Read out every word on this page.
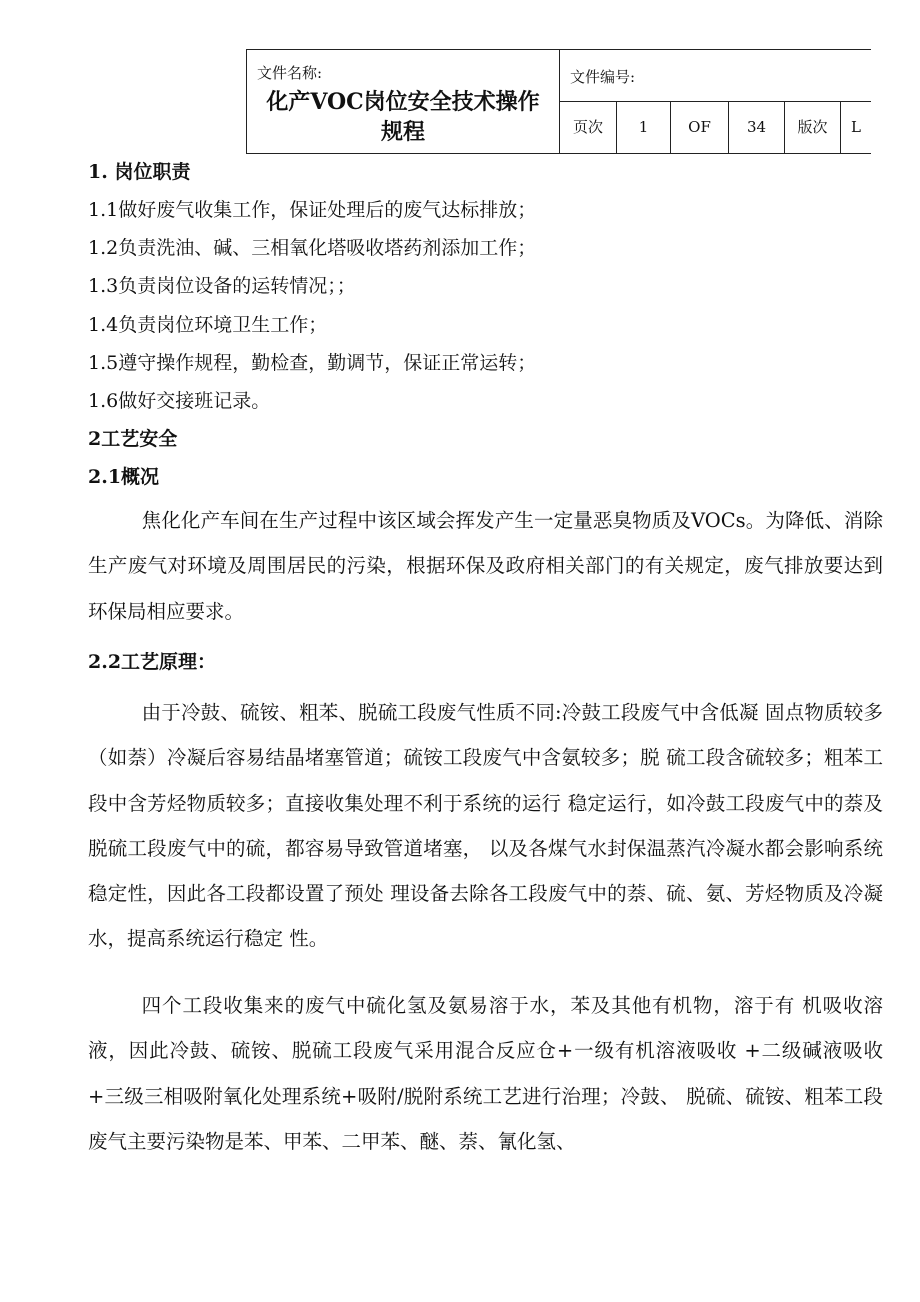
文件名称:
化产VOC岗位安全技术操作
规程
文件编号:
页次	1	OF	34	版次	L
1. 岗位职责
1.1做好废气收集工作，保证处理后的废气达标排放；
1.2负责洗油、碱、三相氧化塔吸收塔药剂添加工作；
1.3负责岗位设备的运转情况；；
1.4负责岗位环境卫生工作；
1.5遵守操作规程，勤检查，勤调节，保证正常运转；
1.6做好交接班记录。
2工艺安全
2.1概况
焦化化产车间在生产过程中该区域会挥发产生一定量恶臭物质及VOCs。为降低、消除生产废气对环境及周围居民的污染，根据环保及政府相关部门的有关规定，废气排放要达到环保局相应要求。
2.2工艺原理：
由于冷鼓、硫铵、粗苯、脱硫工段废气性质不同:冷鼓工段废气中含低凝 固点物质较多（如萘）冷凝后容易结晶堵塞管道；硫铵工段废气中含氨较多；脱 硫工段含硫较多；粗苯工段中含芳烃物质较多；直接收集处理不利于系统的运行 稳定运行，如冷鼓工段废气中的萘及脱硫工段废气中的硫，都容易导致管道堵塞， 以及各煤气水封保温蒸汽冷凝水都会影响系统稳定性，因此各工段都设置了预处 理设备去除各工段废气中的萘、硫、氨、芳烃物质及冷凝水，提高系统运行稳定 性。
四个工段收集来的废气中硫化氢及氨易溶于水，苯及其他有机物，溶于有 机吸收溶液，因此冷鼓、硫铵、脱硫工段废气采用混合反应仓+一级有机溶液吸收 +二级碱液吸收+三级三相吸附氧化处理系统+吸附/脱附系统工艺进行治理；冷鼓、 脱硫、硫铵、粗苯工段废气主要污染物是苯、甲苯、二甲苯、醚、萘、氰化氢、
